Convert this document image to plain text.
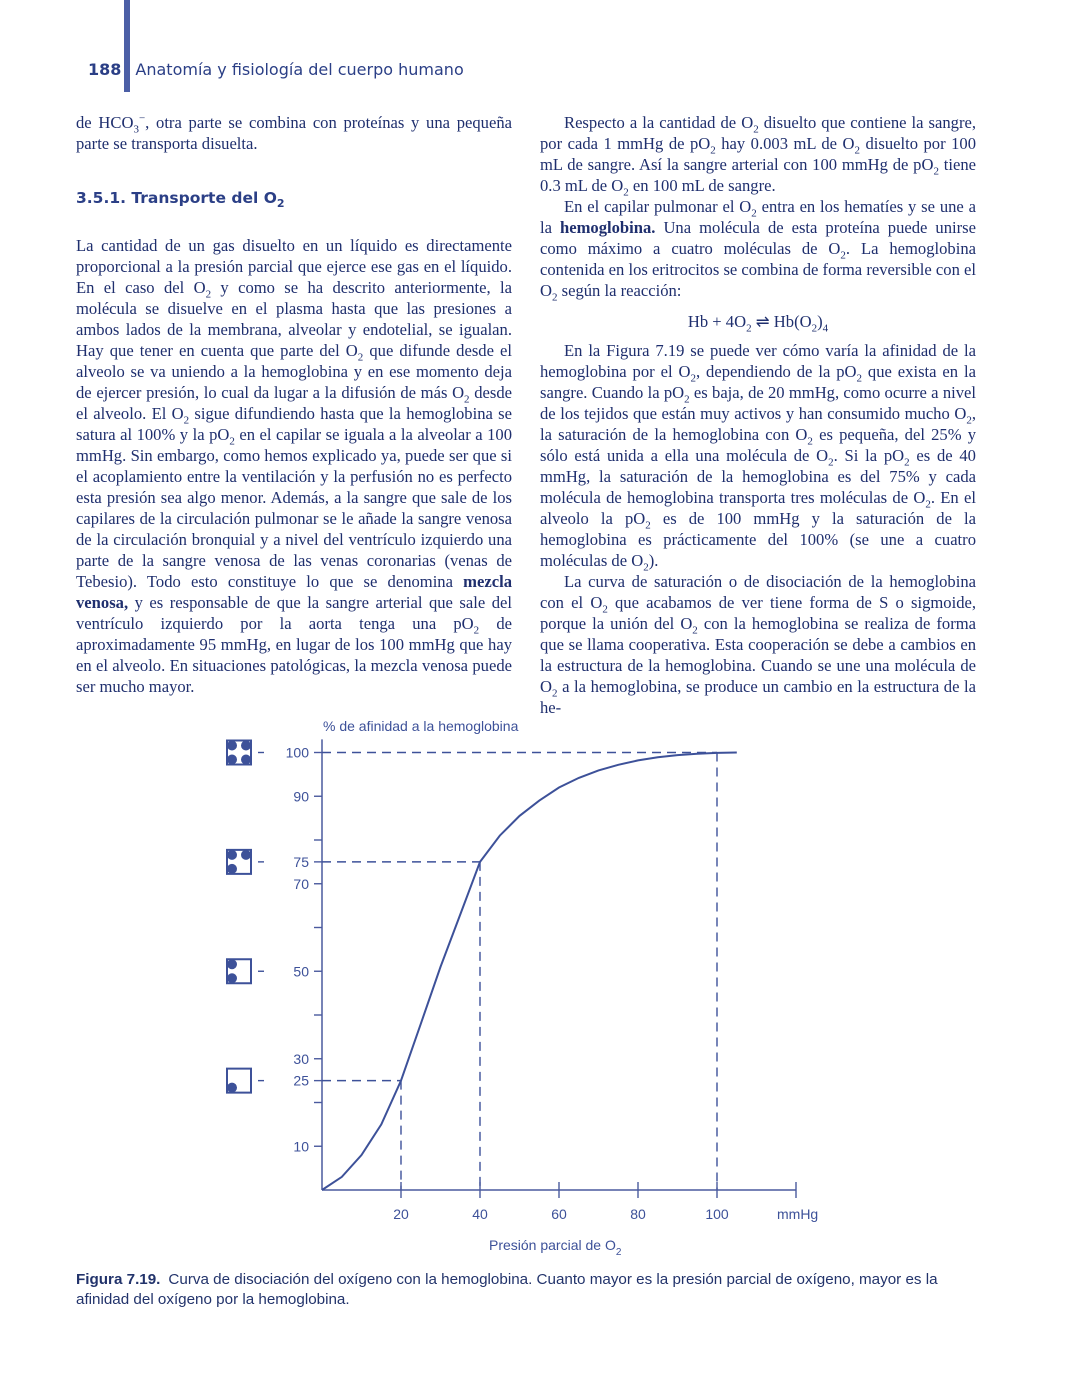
188 Anatomía y fisiología del cuerpo humano

de $HCO_3^-$, otra parte se combina con proteínas y una pequeña parte se transporta disuelta.

3.5.1. Transporte del $O_2$

La cantidad de un gas disuelto en un líquido es directamente proporcional a la presión parcial que ejerce ese gas en el líquido. En el caso del $O_2$ y como se ha descrito anteriormente, la molécula se disuelve en el plasma hasta que las presiones a ambos lados de la membrana, alveolar y endotelial, se igualan. Hay que tener en cuenta que parte del $O_2$ que difunde desde el alveolo se va uniendo a la hemoglobina y en ese momento deja de ejercer presión, lo cual da lugar a la difusión de más $O_2$ desde el alveolo. El $O_2$ sigue difundiendo hasta que la hemoglobina se satura al 100% y la $pO_2$ en el capilar se iguala a la alveolar a 100 mmHg. Sin embargo, como hemos explicado ya, puede ser que si el acoplamiento entre la ventilación y la perfusión no es perfecto esta presión sea algo menor. Además, a la sangre que sale de los capilares de la circulación pulmonar se le añade la sangre venosa de la circulación bronquial y a nivel del ventrículo izquierdo una parte de la sangre venosa de las venas coronarias (venas de Tebesio). Todo esto constituye lo que se denomina mezcla venosa, y es responsable de que la sangre arterial que sale del ventrículo izquierdo por la aorta tenga una $pO_2$ de aproximadamente 95 mmHg, en lugar de los 100 mmHg que hay en el alveolo. En situaciones patológicas, la mezcla venosa puede ser mucho mayor.

Respecto a la cantidad de $O_2$ disuelto que contiene la sangre, por cada 1 mmHg de $pO_2$ hay 0.003 mL de $O_2$ disuelto por 100 mL de sangre. Así la sangre arterial con 100 mmHg de $pO_2$ tiene 0.3 mL de $O_2$ en 100 mL de sangre.

En el capilar pulmonar el $O_2$ entra en los hematíes y se une a la hemoglobina. Una molécula de esta proteína puede unirse como máximo a cuatro moléculas de $O_2$. La hemoglobina contenida en los eritrocitos se combina de forma reversible con el $O_2$ según la reacción:

$Hb + 4O_2$ ⇌ $Hb(O_2)_4$

En la Figura 7.19 se puede ver cómo varía la afinidad de la hemoglobina por el $O_2$, dependiendo de la $pO_2$ que exista en la sangre. Cuando la $pO_2$ es baja, de 20 mmHg, como ocurre a nivel de los tejidos que están muy activos y han consumido mucho $O_2$, la saturación de la hemoglobina con $O_2$ es pequeña, del 25% y sólo está unida a ella una molécula de $O_2$. Si la $pO_2$ es de 40 mmHg, la saturación de la hemoglobina es del 75% y cada molécula de hemoglobina transporta tres moléculas de $O_2$. En el alveolo la $pO_2$ es de 100 mmHg y la saturación de la hemoglobina es prácticamente del 100% (se une a cuatro moléculas de $O_2$).

La curva de saturación o de disociación de la hemoglobina con el $O_2$ que acabamos de ver tiene forma de S o sigmoide, porque la unión del $O_2$ con la hemoglobina se realiza de forma que se llama cooperativa. Esta cooperación se debe a cambios en la estructura de la hemoglobina. Cuando se une una molécula de $O_2$ a la hemoglobina, se produce un cambio en la estructura de la he-

% de afinidad a la hemoglobina
mmHg
Presión parcial de $O_2$
10
25
30
50
70
75
90
100
20	40	60	80	100
Figura 7.19. Curva de disociación del oxígeno con la hemoglobina. Cuanto mayor es la presión parcial de oxígeno, mayor es la afinidad del oxígeno por la hemoglobina.
